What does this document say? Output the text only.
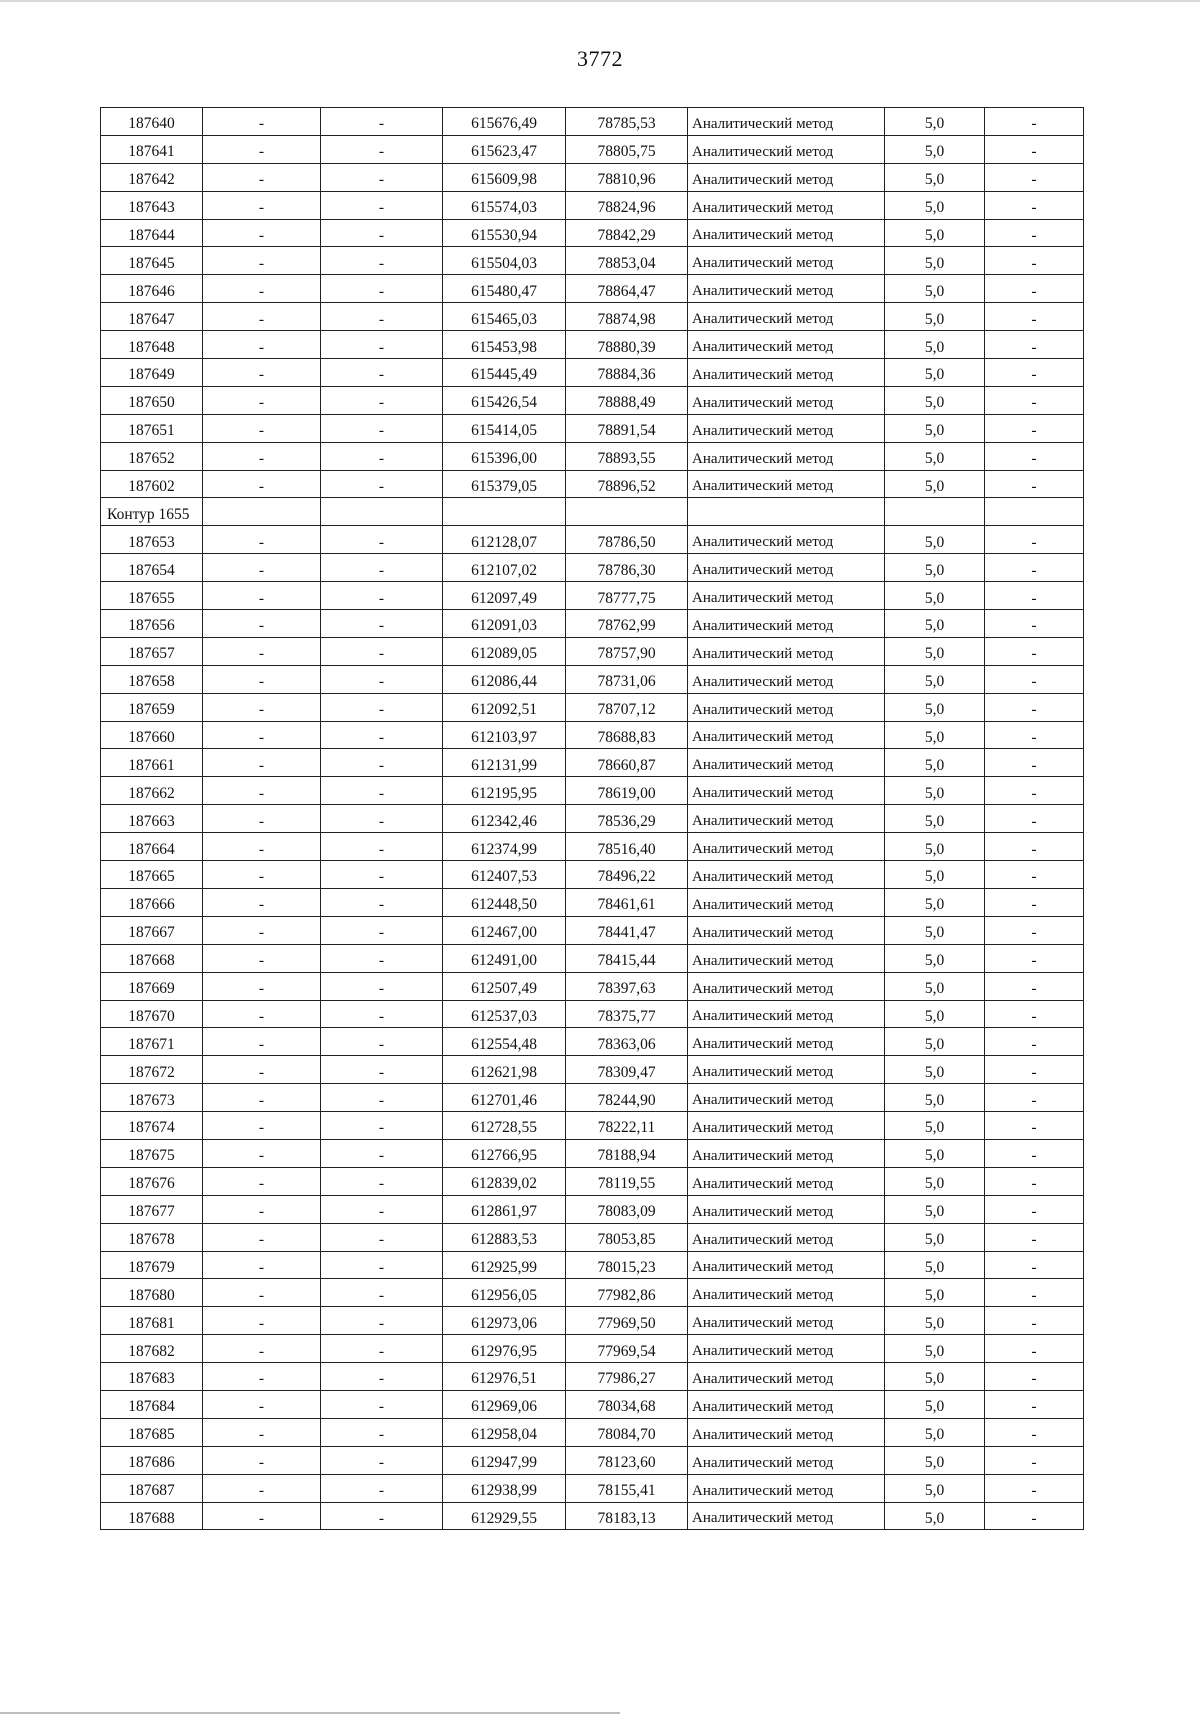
3772
187640	-	-	615676,49	78785,53	Аналитический метод	5,0	-
187641	-	-	615623,47	78805,75	Аналитический метод	5,0	-
187642	-	-	615609,98	78810,96	Аналитический метод	5,0	-
187643	-	-	615574,03	78824,96	Аналитический метод	5,0	-
187644	-	-	615530,94	78842,29	Аналитический метод	5,0	-
187645	-	-	615504,03	78853,04	Аналитический метод	5,0	-
187646	-	-	615480,47	78864,47	Аналитический метод	5,0	-
187647	-	-	615465,03	78874,98	Аналитический метод	5,0	-
187648	-	-	615453,98	78880,39	Аналитический метод	5,0	-
187649	-	-	615445,49	78884,36	Аналитический метод	5,0	-
187650	-	-	615426,54	78888,49	Аналитический метод	5,0	-
187651	-	-	615414,05	78891,54	Аналитический метод	5,0	-
187652	-	-	615396,00	78893,55	Аналитический метод	5,0	-
187602	-	-	615379,05	78896,52	Аналитический метод	5,0	-
Контур 1655							
187653	-	-	612128,07	78786,50	Аналитический метод	5,0	-
187654	-	-	612107,02	78786,30	Аналитический метод	5,0	-
187655	-	-	612097,49	78777,75	Аналитический метод	5,0	-
187656	-	-	612091,03	78762,99	Аналитический метод	5,0	-
187657	-	-	612089,05	78757,90	Аналитический метод	5,0	-
187658	-	-	612086,44	78731,06	Аналитический метод	5,0	-
187659	-	-	612092,51	78707,12	Аналитический метод	5,0	-
187660	-	-	612103,97	78688,83	Аналитический метод	5,0	-
187661	-	-	612131,99	78660,87	Аналитический метод	5,0	-
187662	-	-	612195,95	78619,00	Аналитический метод	5,0	-
187663	-	-	612342,46	78536,29	Аналитический метод	5,0	-
187664	-	-	612374,99	78516,40	Аналитический метод	5,0	-
187665	-	-	612407,53	78496,22	Аналитический метод	5,0	-
187666	-	-	612448,50	78461,61	Аналитический метод	5,0	-
187667	-	-	612467,00	78441,47	Аналитический метод	5,0	-
187668	-	-	612491,00	78415,44	Аналитический метод	5,0	-
187669	-	-	612507,49	78397,63	Аналитический метод	5,0	-
187670	-	-	612537,03	78375,77	Аналитический метод	5,0	-
187671	-	-	612554,48	78363,06	Аналитический метод	5,0	-
187672	-	-	612621,98	78309,47	Аналитический метод	5,0	-
187673	-	-	612701,46	78244,90	Аналитический метод	5,0	-
187674	-	-	612728,55	78222,11	Аналитический метод	5,0	-
187675	-	-	612766,95	78188,94	Аналитический метод	5,0	-
187676	-	-	612839,02	78119,55	Аналитический метод	5,0	-
187677	-	-	612861,97	78083,09	Аналитический метод	5,0	-
187678	-	-	612883,53	78053,85	Аналитический метод	5,0	-
187679	-	-	612925,99	78015,23	Аналитический метод	5,0	-
187680	-	-	612956,05	77982,86	Аналитический метод	5,0	-
187681	-	-	612973,06	77969,50	Аналитический метод	5,0	-
187682	-	-	612976,95	77969,54	Аналитический метод	5,0	-
187683	-	-	612976,51	77986,27	Аналитический метод	5,0	-
187684	-	-	612969,06	78034,68	Аналитический метод	5,0	-
187685	-	-	612958,04	78084,70	Аналитический метод	5,0	-
187686	-	-	612947,99	78123,60	Аналитический метод	5,0	-
187687	-	-	612938,99	78155,41	Аналитический метод	5,0	-
187688	-	-	612929,55	78183,13	Аналитический метод	5,0	-
